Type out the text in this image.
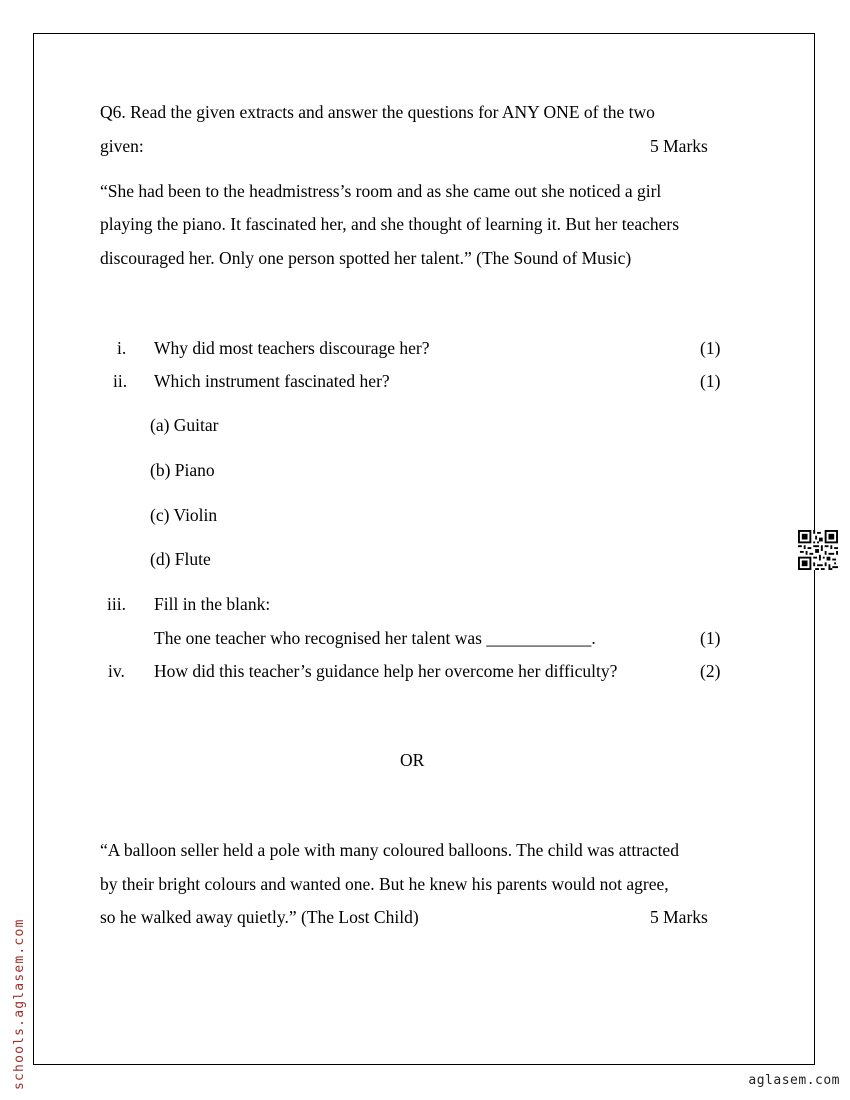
Q6. Read the given extracts and answer the questions for ANY ONE of the two
given:	5 Marks
“She had been to the headmistress’s room and as she came out she noticed a girl
playing the piano. It fascinated her, and she thought of learning it. But her teachers
discouraged her. Only one person spotted her talent.” (The Sound of Music)
i. Why did most teachers discourage her?	(1)
ii. Which instrument fascinated her?	(1)
(a) Guitar
(b) Piano
(c) Violin
(d) Flute
iii. Fill in the blank:
The one teacher who recognised her talent was ____________.	(1)
iv. How did this teacher’s guidance help her overcome her difficulty?	(2)
OR
“A balloon seller held a pole with many coloured balloons. The child was attracted
by their bright colours and wanted one. But he knew his parents would not agree,
so he walked away quietly.” (The Lost Child)	5 Marks
schools.aglasem.com	aglasem.com
